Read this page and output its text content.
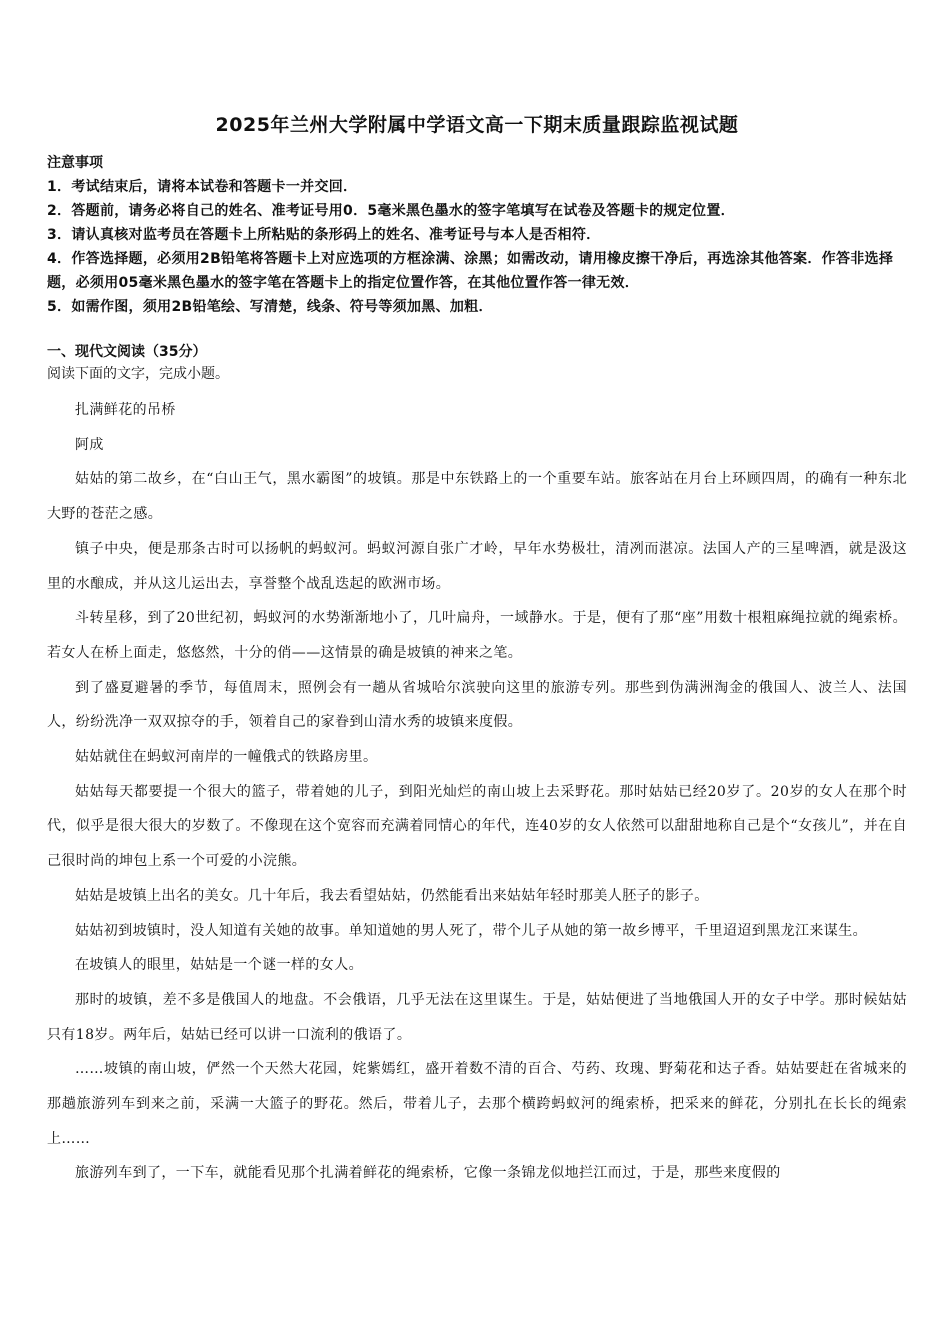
2025年兰州大学附属中学语文高一下期末质量跟踪监视试题
注意事项
1．考试结束后，请将本试卷和答题卡一并交回．
2．答题前，请务必将自己的姓名、准考证号用0．5毫米黑色墨水的签字笔填写在试卷及答题卡的规定位置．
3．请认真核对监考员在答题卡上所粘贴的条形码上的姓名、准考证号与本人是否相符．
4．作答选择题，必须用2B铅笔将答题卡上对应选项的方框涂满、涂黑；如需改动，请用橡皮擦干净后，再选涂其他答案．作答非选择题，必须用05毫米黑色墨水的签字笔在答题卡上的指定位置作答，在其他位置作答一律无效．
5．如需作图，须用2B铅笔绘、写清楚，线条、符号等须加黑、加粗．
一、现代文阅读（35分）
阅读下面的文字，完成小题。

扎满鲜花的吊桥

阿成

姑姑的第二故乡，在“白山王气，黑水霸图”的坡镇。那是中东铁路上的一个重要车站。旅客站在月台上环顾四周，的确有一种东北大野的苍茫之感。

镇子中央，便是那条古时可以扬帆的蚂蚁河。蚂蚁河源自张广才岭，早年水势极壮，清冽而湛凉。法国人产的三星啤酒，就是汲这里的水酿成，并从这儿运出去，享誉整个战乱迭起的欧洲市场。

斗转星移，到了20世纪初，蚂蚁河的水势渐渐地小了，几叶扁舟，一域静水。于是，便有了那“座”用数十根粗麻绳拉就的绳索桥。若女人在桥上面走，悠悠然，十分的俏——这情景的确是坡镇的神来之笔。

到了盛夏避暑的季节，每值周末，照例会有一趟从省城哈尔滨驶向这里的旅游专列。那些到伪满洲淘金的俄国人、波兰人、法国人，纷纷洗净一双双掠夺的手，领着自己的家眷到山清水秀的坡镇来度假。

姑姑就住在蚂蚁河南岸的一幢俄式的铁路房里。

姑姑每天都要提一个很大的篮子，带着她的儿子，到阳光灿烂的南山坡上去采野花。那时姑姑已经20岁了。20岁的女人在那个时代，似乎是很大很大的岁数了。不像现在这个宽容而充满着同情心的年代，连40岁的女人依然可以甜甜地称自己是个“女孩儿”，并在自己很时尚的坤包上系一个可爱的小浣熊。

姑姑是坡镇上出名的美女。几十年后，我去看望姑姑，仍然能看出来姑姑年轻时那美人胚子的影子。

姑姑初到坡镇时，没人知道有关她的故事。单知道她的男人死了，带个儿子从她的第一故乡博平，千里迢迢到黑龙江来谋生。

在坡镇人的眼里，姑姑是一个谜一样的女人。

那时的坡镇，差不多是俄国人的地盘。不会俄语，几乎无法在这里谋生。于是，姑姑便进了当地俄国人开的女子中学。那时候姑姑只有18岁。两年后，姑姑已经可以讲一口流利的俄语了。

……坡镇的南山坡，俨然一个天然大花园，姹紫嫣红，盛开着数不清的百合、芍药、玫瑰、野菊花和达子香。姑姑要赶在省城来的那趟旅游列车到来之前，采满一大篮子的野花。然后，带着儿子，去那个横跨蚂蚁河的绳索桥，把采来的鲜花，分别扎在长长的绳索上……

旅游列车到了，一下车，就能看见那个扎满着鲜花的绳索桥，它像一条锦龙似地拦江而过，于是，那些来度假的
